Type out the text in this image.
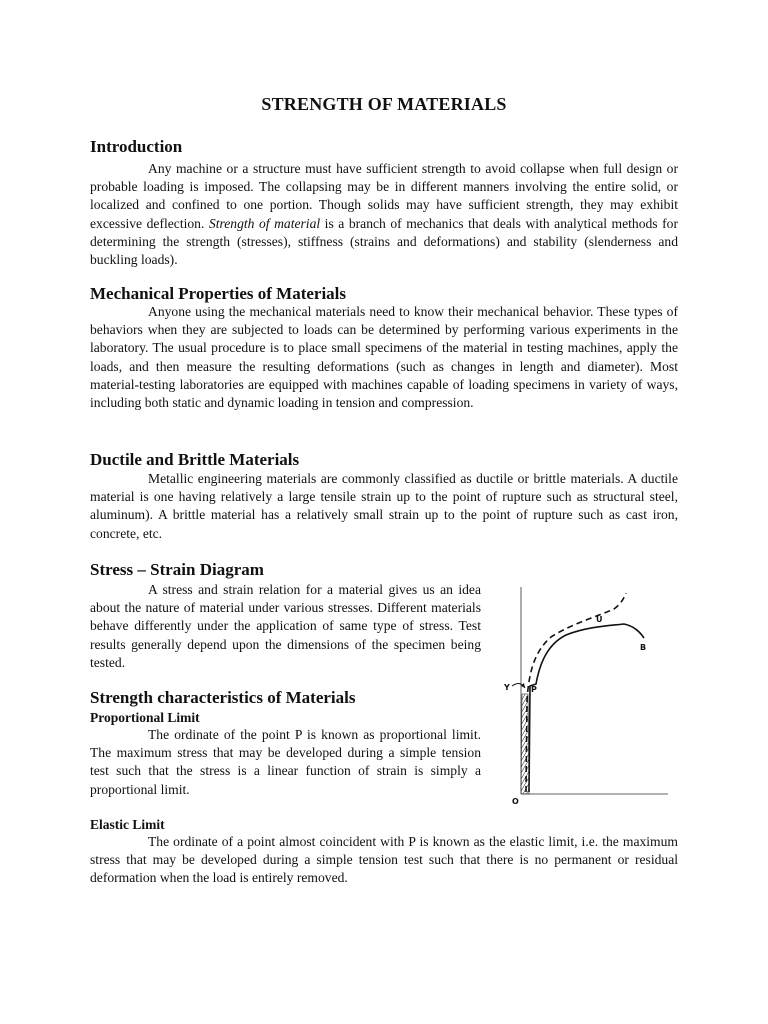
STRENGTH OF MATERIALS
Introduction

Any machine or a structure must have sufficient strength to avoid collapse when full design or probable loading is imposed. The collapsing may be in different manners involving the entire solid, or localized and confined to one portion. Though solids may have sufficient strength, they may exhibit excessive deflection. Strength of material is a branch of mechanics that deals with analytical methods for determining the strength (stresses), stiffness (strains and deformations) and stability (slenderness and buckling loads).

Mechanical Properties of Materials

Anyone using the mechanical materials need to know their mechanical behavior. These types of behaviors when they are subjected to loads can be determined by performing various experiments in the laboratory. The usual procedure is to place small specimens of the material in testing machines, apply the loads, and then measure the resulting deformations (such as changes in length and diameter). Most material-testing laboratories are equipped with machines capable of loading specimens in variety of ways, including both static and dynamic loading in tension and compression.

Ductile and Brittle Materials

Metallic engineering materials are commonly classified as ductile or brittle materials. A ductile material is one having relatively a large tensile strain up to the point of rupture such as structural steel, aluminum). A brittle material has a relatively small strain up to the point of rupture such as cast iron, concrete, etc.

Stress – Strain Diagram

A stress and strain relation for a material gives us an idea about the nature of material under various stresses. Different materials behave differently under the application of same type of stress. Test results generally depend upon the dimensions of the specimen being tested.

Strength characteristics of Materials
Proportional Limit

The ordinate of the point P is known as proportional limit. The maximum stress that may be developed during a simple tension test such that the stress is a linear function of strain is simply a proportional limit.

Elastic Limit

The ordinate of a point almost coincident with P is known as the elastic limit, i.e. the maximum stress that may be developed during a simple tension test such that there is no permanent or residual deformation when the load is entirely removed.

Y	P
U
B
O
